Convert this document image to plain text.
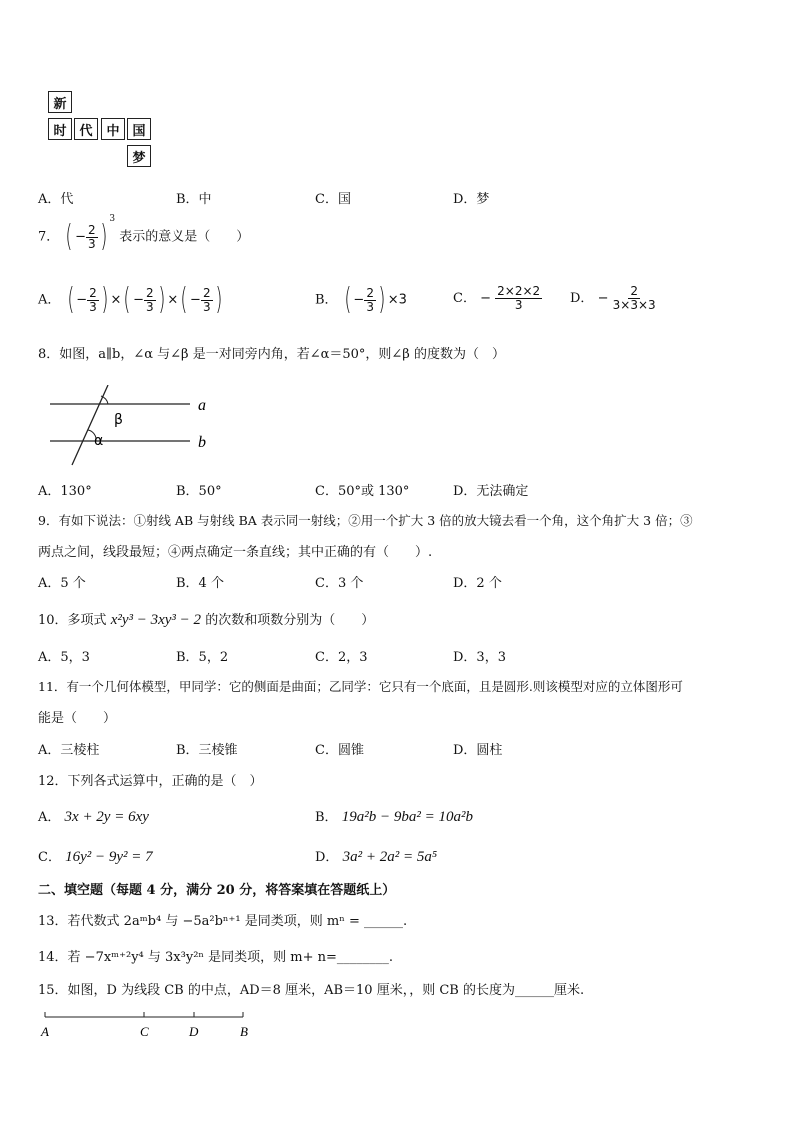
新
时 代	中 国
梦
A．代	B．中	C．国	D．梦
7． ( − $\frac{2}{3}$ ) $^3$ 表示的意义是（　　）
A． ( − $\frac{2}{3}$ ) ×( − $\frac{2}{3}$ ) ×( − $\frac{2}{3}$ )	B． ( − $\frac{2}{3}$ ) ×3	C． − $\frac{2\times 2\times 2}{3}$ D． − $\frac{2}{3\times 3\times 3}$
8．如图，a∥b，∠α 与∠β 是一对同旁内角，若∠α＝50°，则∠β 的度数为（　）
a
b
β
α
A．130°	B．50°	C．50°或 130°	D．无法确定
9．有如下说法：①射线 AB 与射线 BA 表示同一射线；②用一个扩大 3 倍的放大镜去看一个角，这个角扩大 3 倍；③
两点之间，线段最短；④两点确定一条直线；其中正确的有（　　）.
A．5 个	B．4 个	C．3 个	D．2 个
10．多项式 x²y³ − 3xy³ − 2 的次数和项数分别为（　　）
A．5，3	B．5，2	C．2，3	D．3，3
11．有一个几何体模型，甲同学：它的侧面是曲面；乙同学：它只有一个底面，且是圆形.则该模型对应的立体图形可
能是（　　）
A．三棱柱	B．三棱锥	C．圆锥	D．圆柱
12．下列各式运算中，正确的是（　）
A． 3x + 2y = 6xy	B． 19a²b − 9ba² = 10a²b
C． 16y² − 9y² = 7	D． 3a² + 2a² = 5a⁵
二、填空题（每题 4 分，满分 20 分，将答案填在答题纸上）
13．若代数式 2aᵐb⁴ 与 −5a²bⁿ⁺¹ 是同类项，则 mⁿ = ______.
14．若 −7xᵐ⁺²y⁴ 与 3x³y²ⁿ 是同类项，则 m+ n=________.
15．如图，D 为线段 CB 的中点，AD＝8 厘米，AB＝10 厘米，，则 CB 的长度为______厘米.
A	C	D	B
